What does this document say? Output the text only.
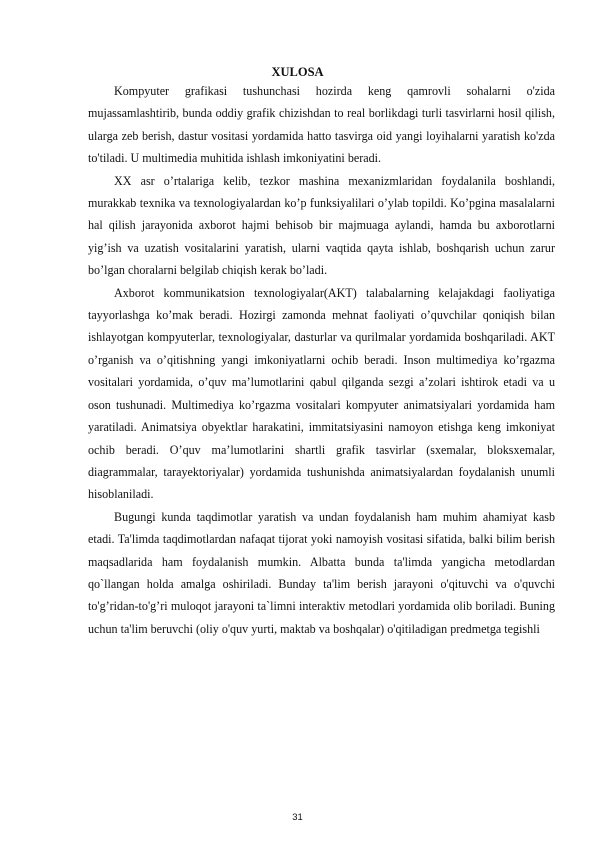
XULOSA

Kompyuter grafikasi tushunchasi hozirda keng qamrovli sohalarni o'zida mujassamlashtirib, bunda oddiy grafik chizishdan to real borlikdagi turli tasvirlarni hosil qilish, ularga zeb berish, dastur vositasi yordamida hatto tasvirga oid yangi loyihalarni yaratish ko'zda to'tiladi. U multimedia muhitida ishlash imkoniyatini beradi.

XX asr o’rtalariga kelib, tezkor mashina mexanizmlaridan foydalanila boshlandi, murakkab texnika va texnologiyalardan ko’p funksiyalilari o’ylab topildi. Ko’pgina masalalarni hal qilish jarayonida axborot hajmi behisob bir majmuaga aylandi, hamda bu axborotlarni yig’ish va uzatish vositalarini yaratish, ularni vaqtida qayta ishlab, boshqarish uchun zarur bo’lgan choralarni belgilab chiqish kerak bo’ladi.

Axborot kommunikatsion texnologiyalar(AKT) talabalarning kelajakdagi faoliyatiga tayyorlashga ko’mak beradi. Hozirgi zamonda mehnat faoliyati o’quvchilar qoniqish bilan ishlayotgan kompyuterlar, texnologiyalar, dasturlar va qurilmalar yordamida boshqariladi. AKT o’rganish va o’qitishning yangi imkoniyatlarni ochib beradi. Inson multimediya ko’rgazma vositalari yordamida, o’quv ma’lumotlarini qabul qilganda sezgi a’zolari ishtirok etadi va u oson tushunadi. Multimediya ko’rgazma vositalari kompyuter animatsiyalari yordamida ham yaratiladi. Animatsiya obyektlar harakatini, immitatsiyasini namoyon etishga keng imkoniyat ochib beradi. O’quv ma’lumotlarini shartli grafik tasvirlar (sxemalar, bloksxemalar, diagrammalar, tarayektoriyalar) yordamida tushunishda animatsiyalardan foydalanish unumli hisoblaniladi.

Bugungi kunda taqdimotlar yaratish va undan foydalanish ham muhim ahamiyat kasb etadi. Ta'limda taqdimotlardan nafaqat tijorat yoki namoyish vositasi sifatida, balki bilim berish maqsadlarida ham foydalanish mumkin. Albatta bunda ta'limda yangicha metodlardan qo`llangan holda amalga oshiriladi. Bunday ta'lim berish jarayoni o'qituvchi va o'quvchi to'g’ridan-to'g’ri muloqot jarayoni ta`limni interaktiv metodlari yordamida olib boriladi. Buning uchun ta'lim beruvchi (oliy o'quv yurti, maktab va boshqalar) o'qitiladigan predmetga tegishli

31
